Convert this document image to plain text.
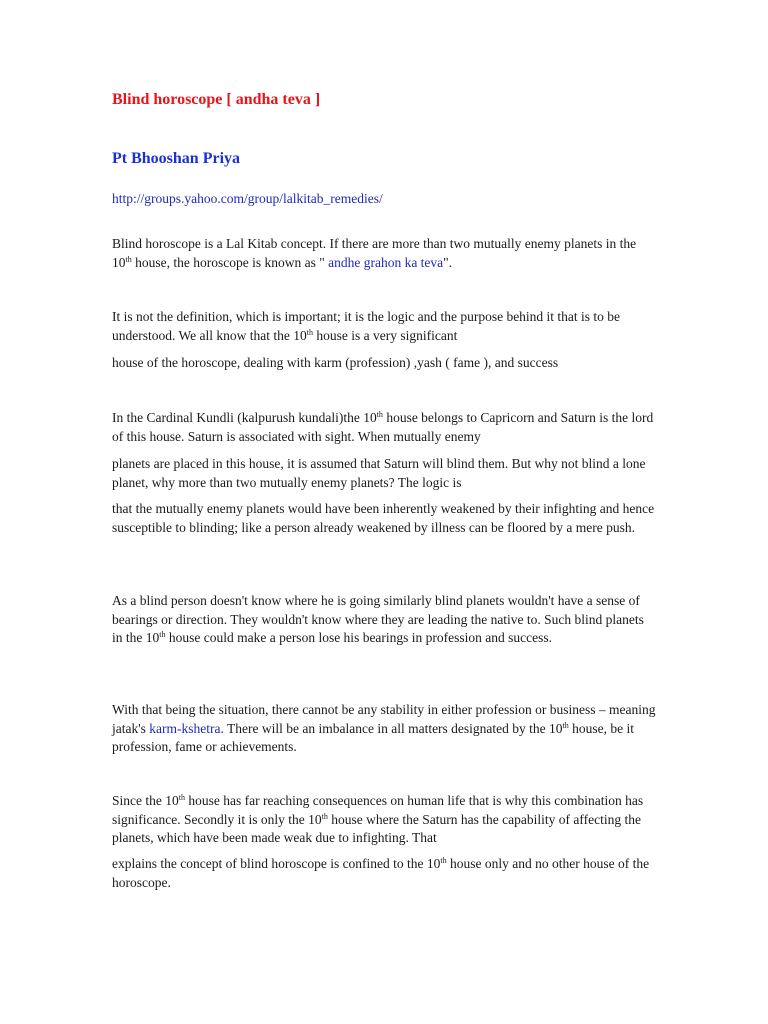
Blind horoscope [ andha teva ]
Pt Bhooshan Priya
http://groups.yahoo.com/group/lalkitab_remedies/

Blind horoscope is a Lal Kitab concept. If there are more than two mutually enemy planets in the 10th house, the horoscope is known as " andhe grahon ka teva".

It is not the definition, which is important; it is the logic and the purpose behind it that is to be understood. We all know that the 10th house is a very significant

house of the horoscope, dealing with karm (profession) ,yash ( fame ), and success

In the Cardinal Kundli (kalpurush kundali)the 10th house belongs to Capricorn and Saturn is the lord of this house. Saturn is associated with sight. When mutually enemy

planets are placed in this house, it is assumed that Saturn will blind them. But why not blind a lone planet, why more than two mutually enemy planets? The logic is

that the mutually enemy planets would have been inherently weakened by their infighting and hence susceptible to blinding; like a person already weakened by illness can be floored by a mere push.

As a blind person doesn't know where he is going similarly blind planets wouldn't have a sense of bearings or direction. They wouldn't know where they are leading the native to. Such blind planets in the 10th house could make a person lose his bearings in profession and success.

With that being the situation, there cannot be any stability in either profession or business – meaning jatak's karm-kshetra. There will be an imbalance in all matters designated by the 10th house, be it profession, fame or achievements.

Since the 10th house has far reaching consequences on human life that is why this combination has significance. Secondly it is only the 10th house where the Saturn has the capability of affecting the planets, which have been made weak due to infighting. That

explains the concept of blind horoscope is confined to the 10th house only and no other house of the horoscope.
